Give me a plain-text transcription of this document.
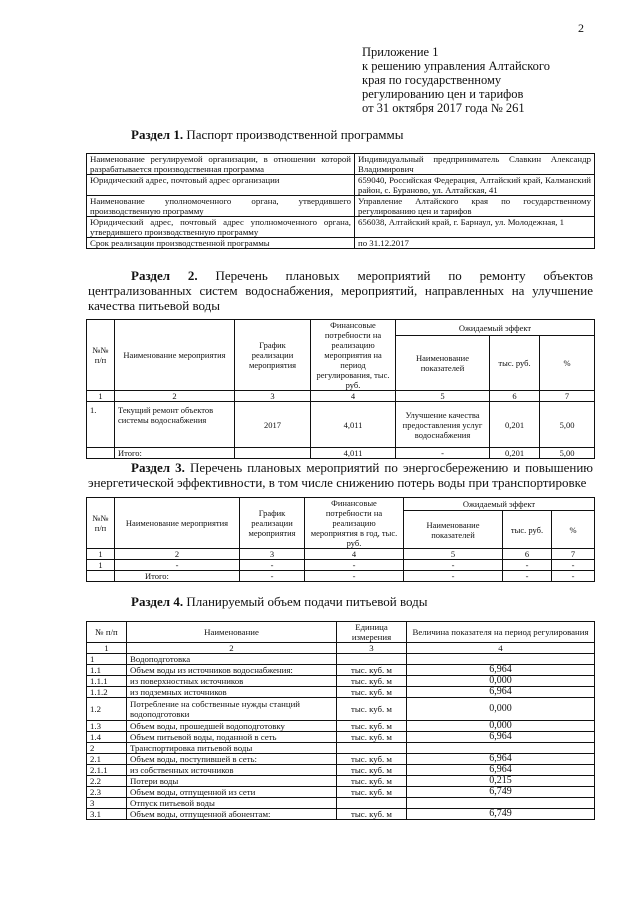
2
Приложение 1
к решению управления Алтайского
края по государственному
регулированию цен и тарифов
от 31 октября 2017 года № 261
Раздел 1. Паспорт производственной программы
Наименование регулируемой организации, в отношении которой разрабатывается производственная программа	Индивидуальный предприниматель Славкин Александр Владимирович
Юридический адрес, почтовый адрес организации	659040, Российская Федерация, Алтайский край, Калманский район, с. Бураново, ул. Алтайская, 41
Наименование уполномоченного органа, утвердившего производственную программу	Управление Алтайского края по государственному регулированию цен и тарифов
Юридический адрес, почтовый адрес уполномоченного органа, утвердившего производственную программу	656038, Алтайский край, г. Барнаул, ул. Молодежная, 1
Срок реализации производственной программы	по 31.12.2017
Раздел 2. Перечень плановых мероприятий по ремонту объектов централизованных систем водоснабжения, мероприятий, направленных на улучшение качества питьевой воды
№№ п/п	Наименование мероприятия	График реализации мероприятия	Финансовые потребности на реализацию мероприятия на период регулирования, тыс. руб.	Ожидаемый эффект		
				Наименование показателей	тыс. руб.	%
1	2	3	4	5	6	7
1.	Текущий ремонт объектов системы водоснабжения	2017	4,011	Улучшение качества предоставления услуг водоснабжения	0,201	5,00
	Итого:		4,011	-	0,201	5,00
Раздел 3. Перечень плановых мероприятий по энергосбережению и повышению энергетической эффективности, в том числе снижению потерь воды при транспортировке
№№ п/п	Наименование мероприятия	График реализации мероприятия	Финансовые потребности на реализацию мероприятия в год, тыс. руб.	Ожидаемый эффект		
				Наименование показателей	тыс. руб.	%
1	2	3	4	5	6	7
1	-	-	-	-	-	-
	Итого:	-	-	-	-	-
Раздел 4. Планируемый объем подачи питьевой воды
№ п/п	Наименование	Единица измерения	Величина показателя на период регулирования
1	2	3	4
1	Водоподготовка		
1.1	Объем воды из источников водоснабжения:	тыс. куб. м	6,964
1.1.1	из поверхностных источников	тыс. куб. м	0,000
1.1.2	из подземных источников	тыс. куб. м	6,964
1.2	Потребление на собственные нужды станций водоподготовки	тыс. куб. м	0,000
1.3	Объем воды, прошедшей водоподготовку	тыс. куб. м	0,000
1.4	Объем питьевой воды, поданной в сеть	тыс. куб. м	6,964
2	Транспортировка питьевой воды		
2.1	Объем воды, поступившей в сеть:	тыс. куб. м	6,964
2.1.1	из собственных источников	тыс. куб. м	6,964
2.2	Потери воды	тыс. куб. м	0,215
2.3	Объем воды, отпущенной из сети	тыс. куб. м	6,749
3	Отпуск питьевой воды		
3.1	Объем воды, отпущенной абонентам:	тыс. куб. м	6,749
